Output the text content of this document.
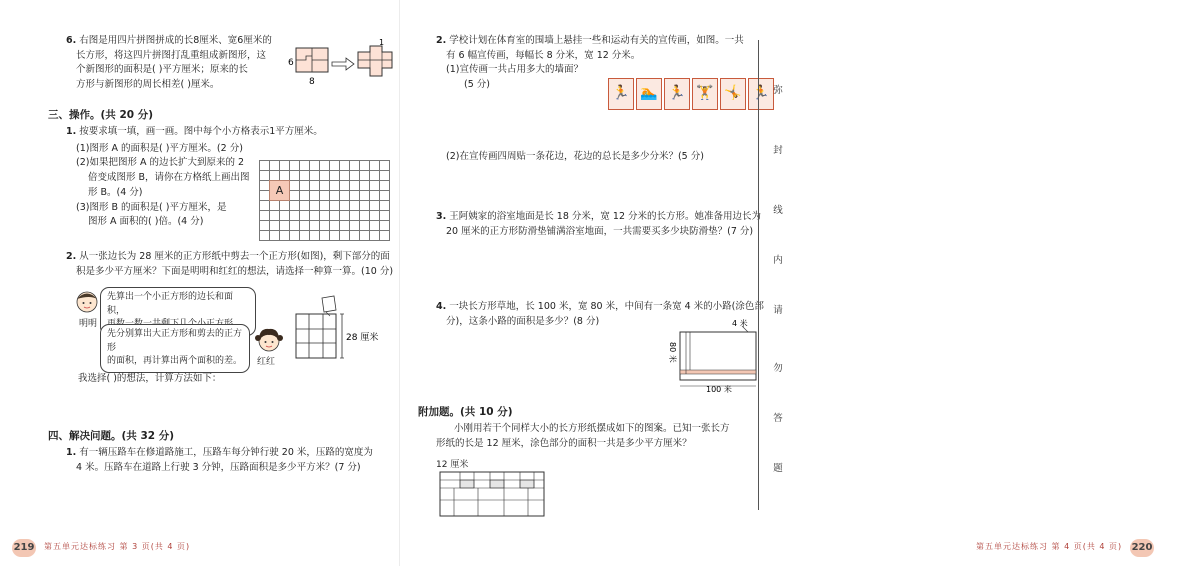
6. 右图是用四片拼图拼成的长8厘米、宽6厘米的
长方形，将这四片拼图打乱重组成新图形，这
个新图形的面积是( )平方厘米；原来的长
方形与新图形的周长相差( )厘米。
6
8
1
三、操作。(共 20 分)
1. 按要求填一填，画一画。图中每个小方格表示1平方厘米。
(1)图形 A 的面积是( )平方厘米。(2 分)
(2)如果把图形 A 的边长扩大到原来的 2
倍变成图形 B，请你在方格纸上画出图
形 B。(4 分)
(3)图形 B 的面积是( )平方厘米，是
图形 A 面积的( )倍。(4 分)
A
2. 从一张边长为 28 厘米的正方形纸中剪去一个正方形(如图)，剩下部分的面
积是多少平方厘米？下面是明明和红红的想法，请选择一种算一算。(10 分)
明明
先算出一个小正方形的边长和面积，
先分别算出大正方形和剪去的正方形
的面积，再计算出两个面积的差。 红红
28 厘米
我选择( )的想法，计算方法如下：
四、解决问题。(共 32 分)
1. 有一辆压路车在修道路施工，压路车每分钟行驶 20 米，压路的宽度为
4 米。压路车在道路上行驶 3 分钟，压路面积是多少平方米？(7 分)
219 第五单元达标练习 第 3 页(共 4 页)
2. 学校计划在体育室的围墙上悬挂一些和运动有关的宣传画，如图。一共
有 6 幅宣传画，每幅长 8 分米，宽 12 分米。
(1)宣传画一共占用多大的墙面？
(5 分)
🏃 🏊 🏃 🏋 🤸 🏃
(2)在宣传画四周贴一条花边，花边的总长是多少分米？(5 分)
3. 王阿姨家的浴室地面是长 18 分米，宽 12 分米的长方形。她准备用边长为
20 厘米的正方形防滑垫铺满浴室地面，一共需要买多少块防滑垫？(7 分)
4. 一块长方形草地，长 100 米，宽 80 米，中间有一条宽 4 米的小路(涂色部
分)，这条小路的面积是多少？(8 分)	4 米
80 米
100 米
附加题。(共 10 分)
小刚用若干个同样大小的长方形纸摆成如下的图案。已知一张长方
形纸的长是 12 厘米，涂色部分的面积一共是多少平方厘米？
12 厘米
第五单元达标练习 第 4 页(共 4 页) 220
弥
封
线
内
请
勿
答
题
